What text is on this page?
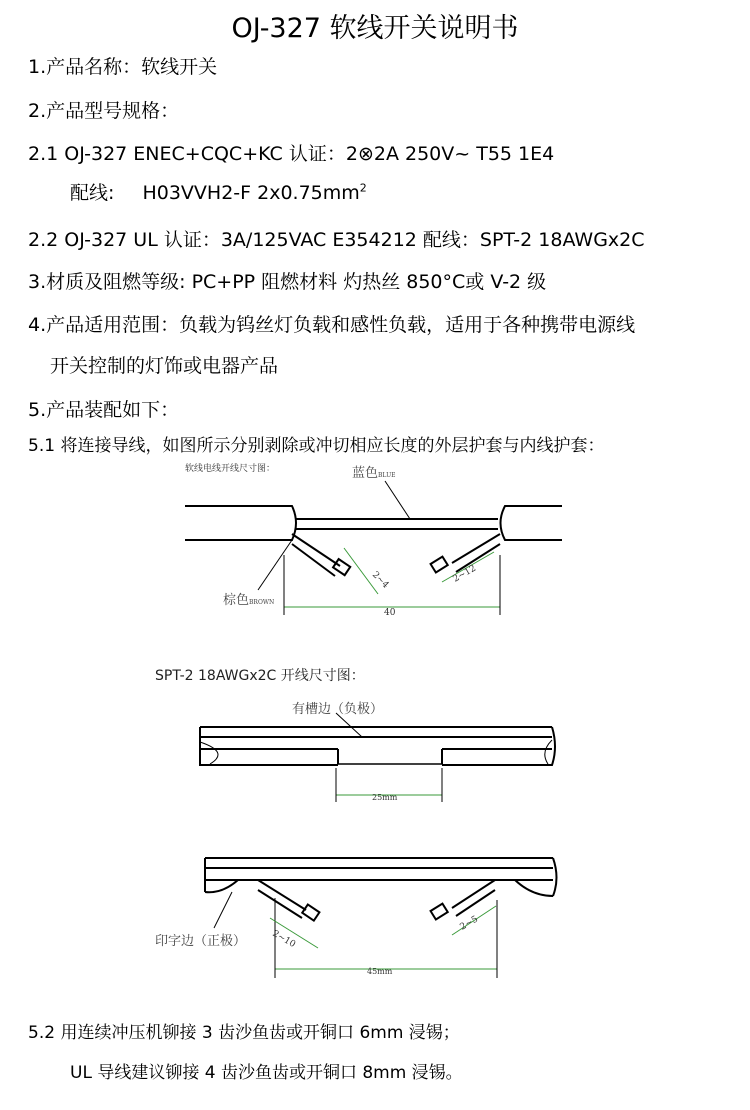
OJ-327 软线开关说明书

1.产品名称：软线开关

2.产品型号规格：

2.1 OJ-327 ENEC+CQC+KC 认证：2⊗2A 250V~ T55 1E4

配线: H03VVH2-F $2x0.75mm^2$

2.2 OJ-327 UL 认证：3A/125VAC E354212 配线：SPT-2 18AWGx2C

3.材质及阻燃等级: PC+PP 阻燃材料 灼热丝 850°C或 V-2 级

4.产品适用范围：负载为钨丝灯负载和感性负载，适用于各种携带电源线

开关控制的灯饰或电器产品

5.产品装配如下：

5.1 将连接导线，如图所示分别剥除或冲切相应长度的外层护套与内线护套：

软线电线开线尺寸图：	蓝色BLUE

棕色BROWN

40
2~4	2~12
25mm
45mm
2~10
2~5

SPT-2 18AWGx2C 开线尺寸图：

有槽边（负极）

印字边（正极）

5.2 用连续冲压机铆接 3 齿沙鱼齿或开铜口 6mm 浸锡；

UL 导线建议铆接 4 齿沙鱼齿或开铜口 8mm 浸锡。
